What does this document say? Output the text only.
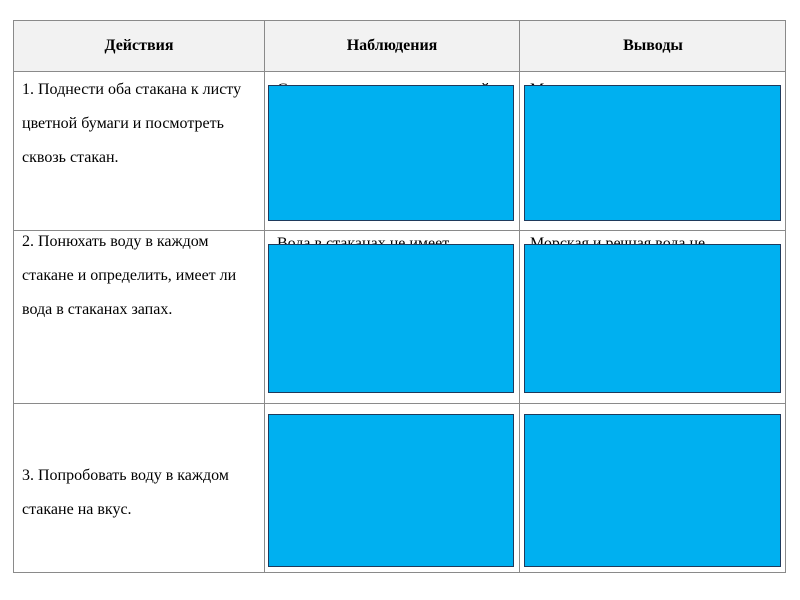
Действия	Наблюдения	Выводы
1. Поднести оба стакана к листу цветной бумаги и посмотреть сквозь стакан.
2. Понюхать воду в каждом стакане и определить, имеет ли вода в стаканах запах.
3. Попробовать воду в каждом стакане на вкус.
